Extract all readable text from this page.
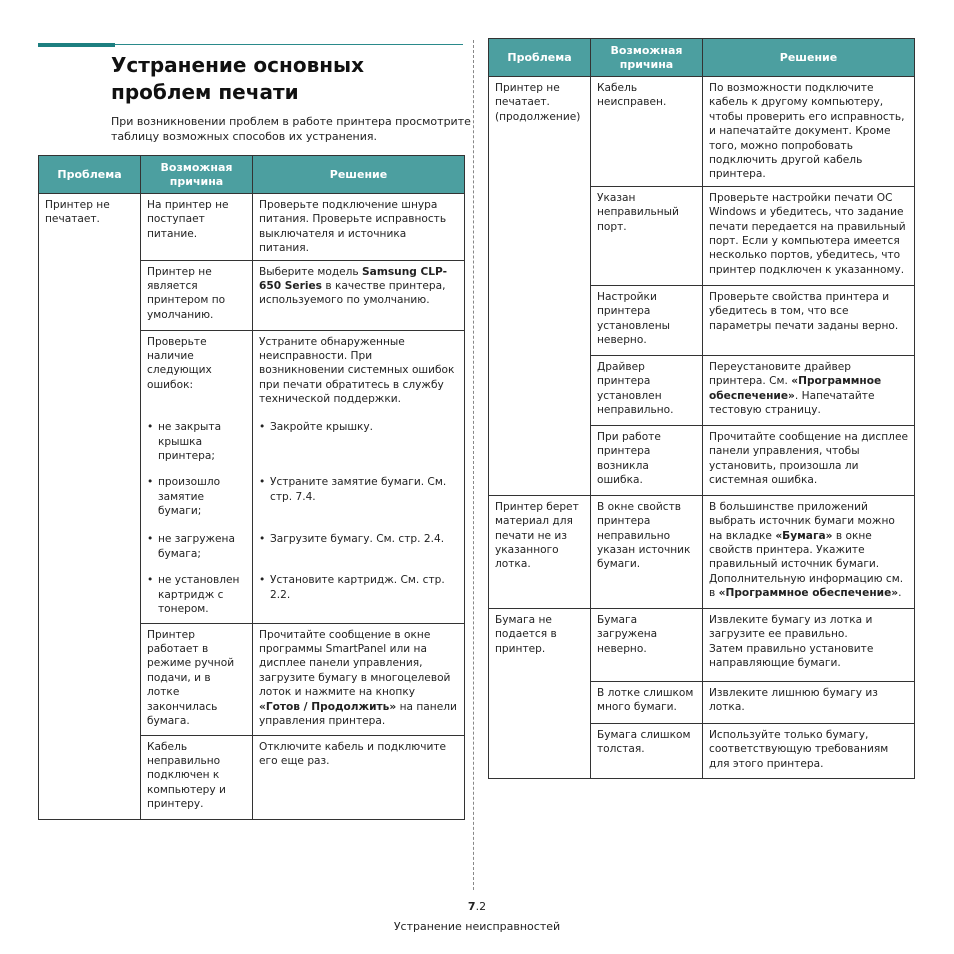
Устранение основных
проблем печати
При возникновении проблем в работе принтера просмотрите таблицу возможных способов их устранения.
Проблема	Возможная причина	Решение
Принтер не печатает.	На принтер не поступает питание.	Проверьте подключение шнура питания. Проверьте исправность выключателя и источника питания.
	Принтер не является принтером по умолчанию.	Выберите модель Samsung CLP-650 Series в качестве принтера, используемого по умолчанию.
	Проверьте наличие следующих ошибок:	Устраните обнаруженные неисправности. При возникновении системных ошибок при печати обратитесь в службу технической поддержки.

	• не закрыта крышка принтера;	• Закройте крышку.

	• произошло замятие бумаги;	• Устраните замятие бумаги. См. стр. 7.4.

	• не загружена бумага;	• Загрузите бумагу. См. стр. 2.4.

	• не установлен картридж с тонером.	• Установите картридж. См. стр. 2.2.

	Принтер работает в режиме ручной подачи, и в лотке закончилась бумага.	Прочитайте сообщение в окне программы SmartPanel или на дисплее панели управления, загрузите бумагу в многоцелевой лоток и нажмите на кнопку «Готов / Продолжить» на панели управления принтера.
	Кабель неправильно подключен к компьютеру и принтеру.	Отключите кабель и подключите его еще раз.
Проблема	Возможная причина	Решение
Принтер не печатает. (продолжение)	Кабель неисправен.	По возможности подключите кабель к другому компьютеру, чтобы проверить его исправность, и напечатайте документ. Кроме того, можно попробовать подключить другой кабель принтера.
	Указан неправильный порт.	Проверьте настройки печати ОС Windows и убедитесь, что задание печати передается на правильный порт. Если у компьютера имеется несколько портов, убедитесь, что принтер подключен к указанному.
	Настройки принтера установлены неверно.	Проверьте свойства принтера и убедитесь в том, что все параметры печати заданы верно.
	Драйвер принтера установлен неправильно.	Переустановите драйвер принтера. См. «Программное обеспечение». Напечатайте тестовую страницу.
	При работе принтера возникла ошибка.	Прочитайте сообщение на дисплее панели управления, чтобы установить, произошла ли системная ошибка.
Принтер берет материал для печати не из указанного лотка.	В окне свойств принтера неправильно указан источник бумаги.	В большинстве приложений выбрать источник бумаги можно на вкладке «Бумага» в окне свойств принтера. Укажите правильный источник бумаги. Дополнительную информацию см. в «Программное обеспечение».
Бумага не подается в принтер.	Бумага загружена неверно.	Извлеките бумагу из лотка и загрузите ее правильно.
Затем правильно установите направляющие бумаги.
	В лотке слишком много бумаги.	Извлеките лишнюю бумагу из лотка.
	Бумага слишком толстая.	Используйте только бумагу, соответствующую требованиям для этого принтера.
7.2
Устранение неисправностей
